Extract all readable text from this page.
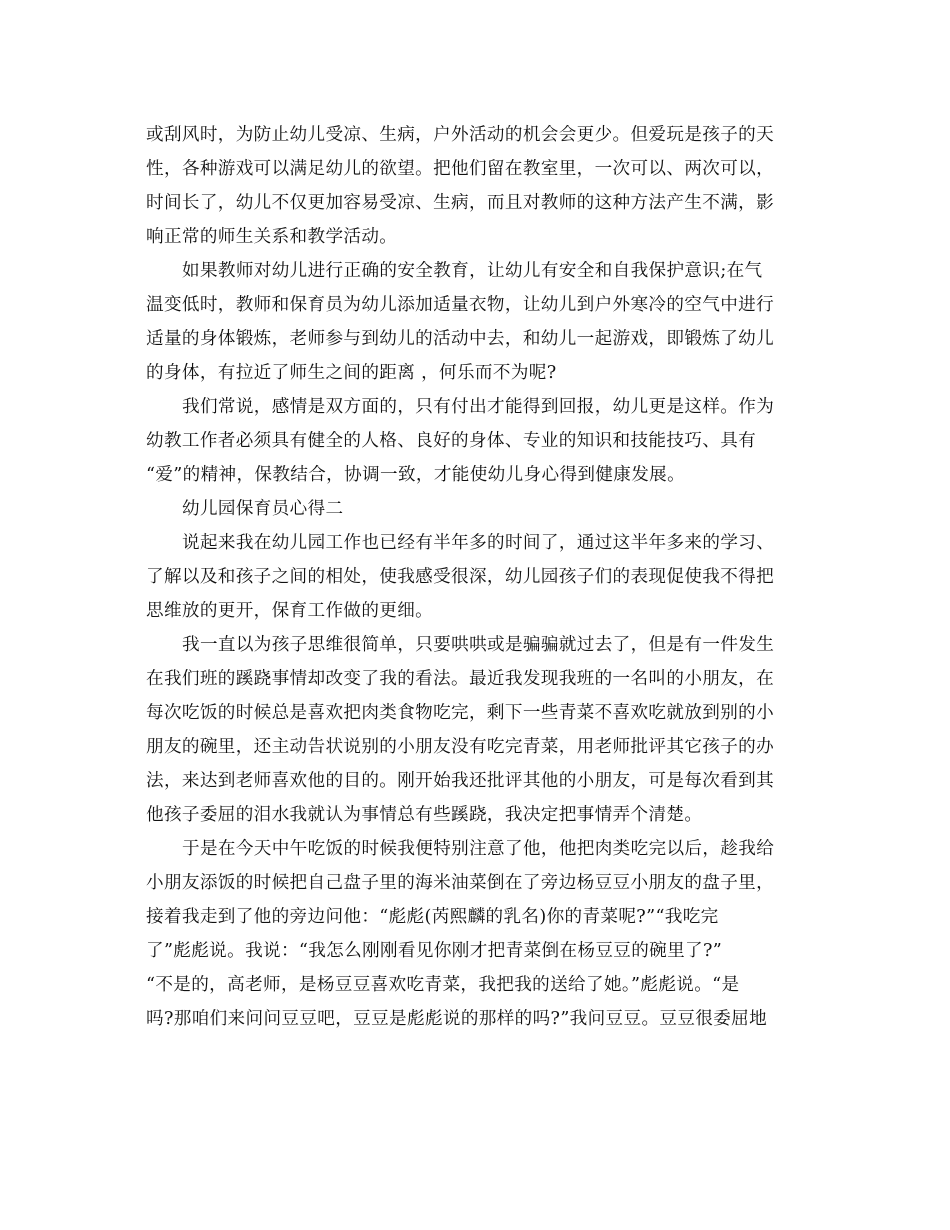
或刮风时，为防止幼儿受凉、生病，户外活动的机会会更少。但爱玩是孩子的天
性，各种游戏可以满足幼儿的欲望。把他们留在教室里，一次可以、两次可以，
时间长了，幼儿不仅更加容易受凉、生病，而且对教师的这种方法产生不满，影
响正常的师生关系和教学活动。
如果教师对幼儿进行正确的安全教育，让幼儿有安全和自我保护意识;在气
温变低时，教师和保育员为幼儿添加适量衣物，让幼儿到户外寒冷的空气中进行
适量的身体锻炼，老师参与到幼儿的活动中去，和幼儿一起游戏，即锻炼了幼儿
的身体，有拉近了师生之间的距离 ，何乐而不为呢?
我们常说，感情是双方面的，只有付出才能得到回报，幼儿更是这样。作为
幼教工作者必须具有健全的人格、良好的身体、专业的知识和技能技巧、具有
“爱”的精神，保教结合，协调一致，才能使幼儿身心得到健康发展。
幼儿园保育员心得二
说起来我在幼儿园工作也已经有半年多的时间了，通过这半年多来的学习、
了解以及和孩子之间的相处，使我感受很深，幼儿园孩子们的表现促使我不得把
思维放的更开，保育工作做的更细。
我一直以为孩子思维很简单，只要哄哄或是骗骗就过去了，但是有一件发生
在我们班的蹊跷事情却改变了我的看法。最近我发现我班的一名叫的小朋友，在
每次吃饭的时候总是喜欢把肉类食物吃完，剩下一些青菜不喜欢吃就放到别的小
朋友的碗里，还主动告状说别的小朋友没有吃完青菜，用老师批评其它孩子的办
法，来达到老师喜欢他的目的。刚开始我还批评其他的小朋友，可是每次看到其
他孩子委屈的泪水我就认为事情总有些蹊跷，我决定把事情弄个清楚。
于是在今天中午吃饭的时候我便特别注意了他，他把肉类吃完以后，趁我给
小朋友添饭的时候把自己盘子里的海米油菜倒在了旁边杨豆豆小朋友的盘子里，
接着我走到了他的旁边问他：“彪彪(芮熙麟的乳名)你的青菜呢?”“我吃完
了”彪彪说。我说：“我怎么刚刚看见你刚才把青菜倒在杨豆豆的碗里了?”
“不是的，高老师，是杨豆豆喜欢吃青菜，我把我的送给了她。”彪彪说。“是
吗?那咱们来问问豆豆吧，豆豆是彪彪说的那样的吗?”我问豆豆。豆豆很委屈地
